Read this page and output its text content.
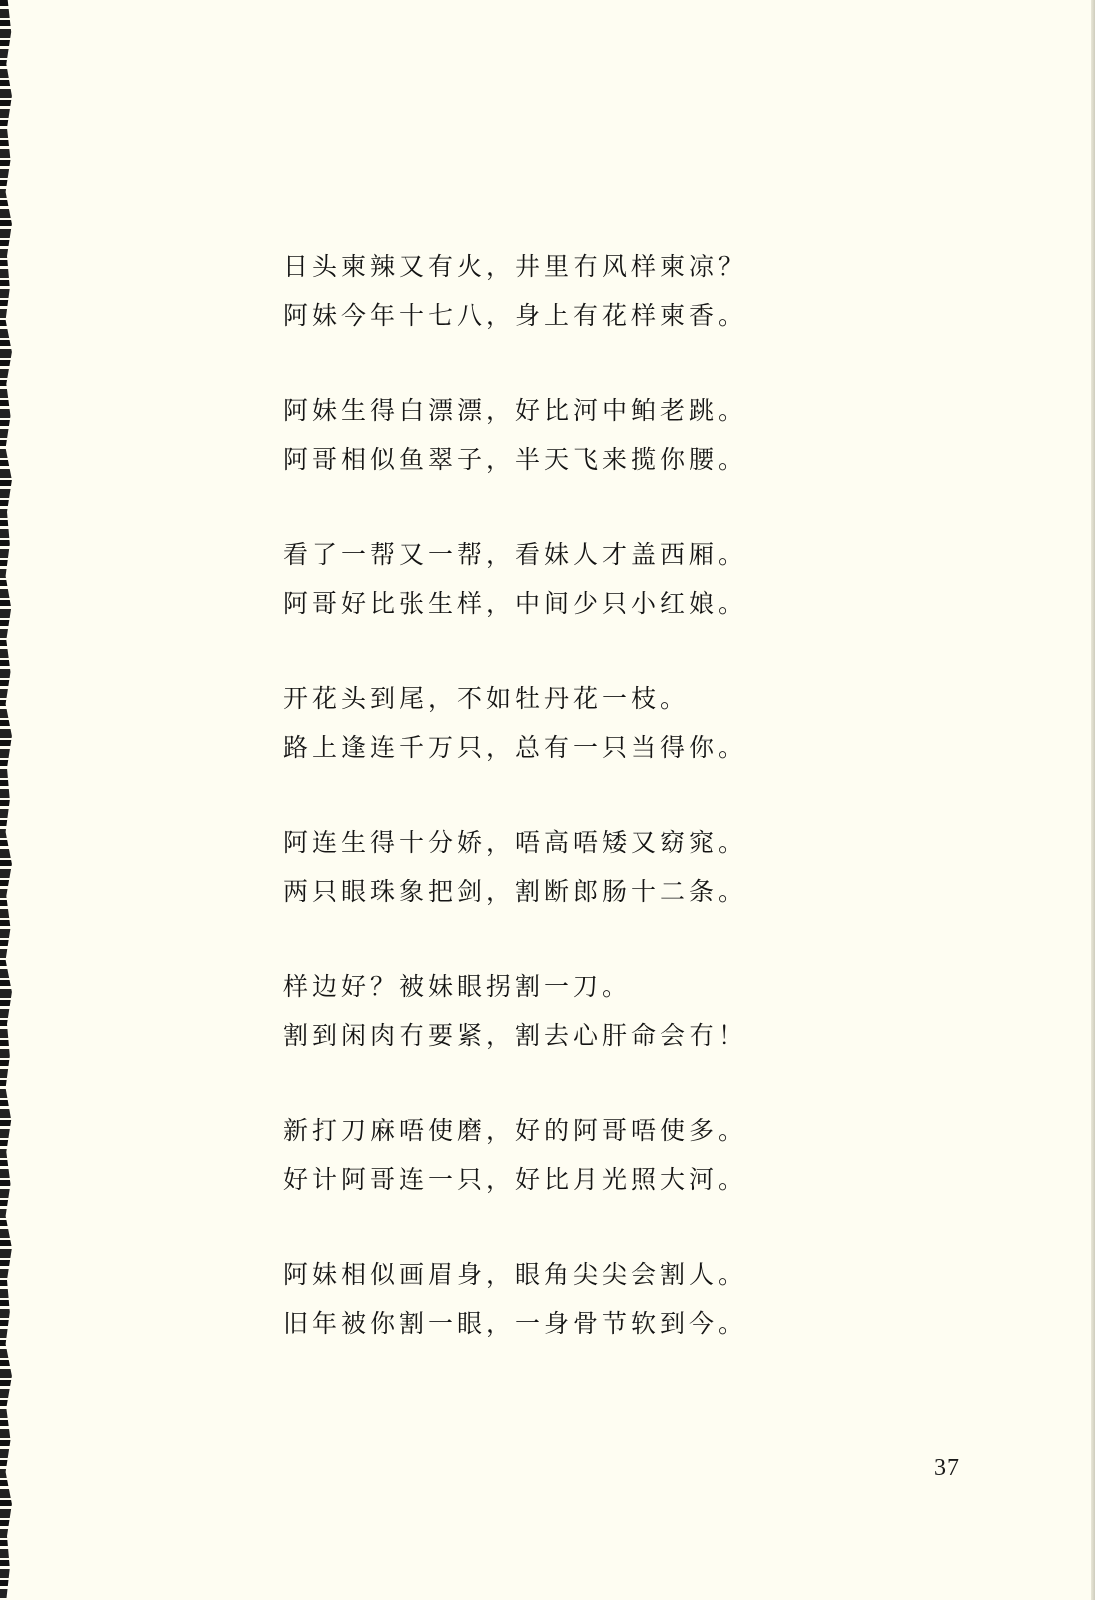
日头柬辣又有火，井里冇风样柬凉？
阿妹今年十七八，身上有花样柬香。
阿妹生得白漂漂，好比河中鲌老跳。
阿哥相似鱼翠子，半天飞来揽你腰。
看了一帮又一帮，看妹人才盖西厢。
阿哥好比张生样，中间少只小红娘。
开花头到尾，不如牡丹花一枝。
路上逢连千万只，总有一只当得你。
阿连生得十分娇，唔高唔矮又窈窕。
两只眼珠象把剑，割断郎肠十二条。
样边好？被妹眼拐割一刀。
割到闲肉冇要紧，割去心肝命会冇！
新打刀麻唔使磨，好的阿哥唔使多。
好计阿哥连一只，好比月光照大河。
阿妹相似画眉身，眼角尖尖会割人。
旧年被你割一眼，一身骨节软到今。
37
